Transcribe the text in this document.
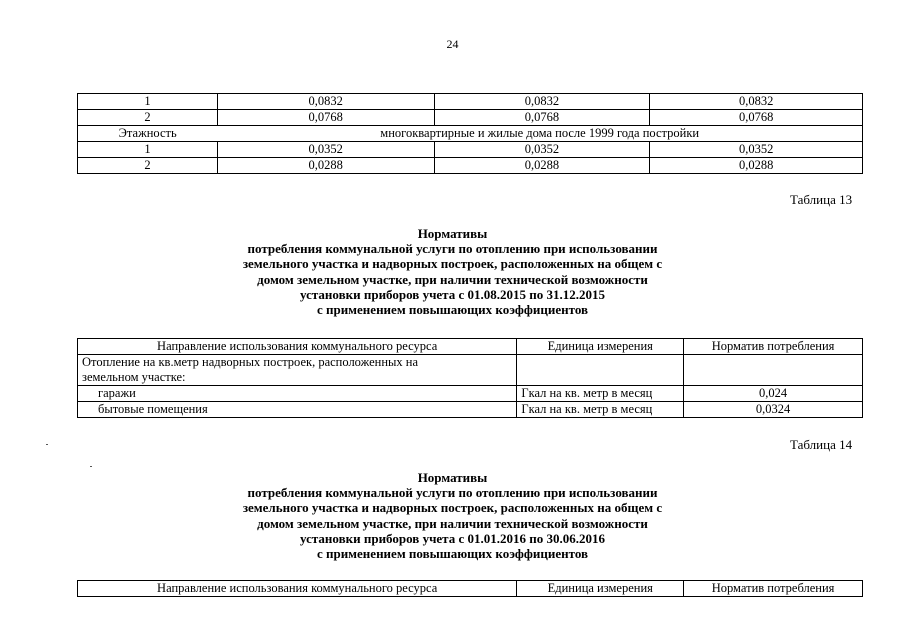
24
1	0,0832	0,0832	0,0832
2	0,0768	0,0768	0,0768
Этажность	многоквартирные и жилые дома после 1999 года постройки		
1	0,0352	0,0352	0,0352
2	0,0288	0,0288	0,0288
Таблица 13
Нормативы
потребления коммунальной услуги по отоплению при использовании
земельного участка и надворных построек, расположенных на общем с
домом земельном участке, при наличии технической возможности
установки приборов учета с 01.08.2015 по 31.12.2015
с применением повышающих коэффициентов
Направление использования коммунального ресурса	Единица измерения	Норматив потребления

Отопление на кв.метр надворных построек, расположенных на
земельном участке:		

гаражи	Гкал на кв. метр в месяц	0,024
бытовые помещения	Гкал на кв. метр в месяц	0,0324
Таблица 14
Нормативы
потребления коммунальной услуги по отоплению при использовании
земельного участка и надворных построек, расположенных на общем с
домом земельном участке, при наличии технической возможности
установки приборов учета с 01.01.2016 по 30.06.2016
с применением повышающих коэффициентов
Направление использования коммунального ресурса	Единица измерения	Норматив потребления
